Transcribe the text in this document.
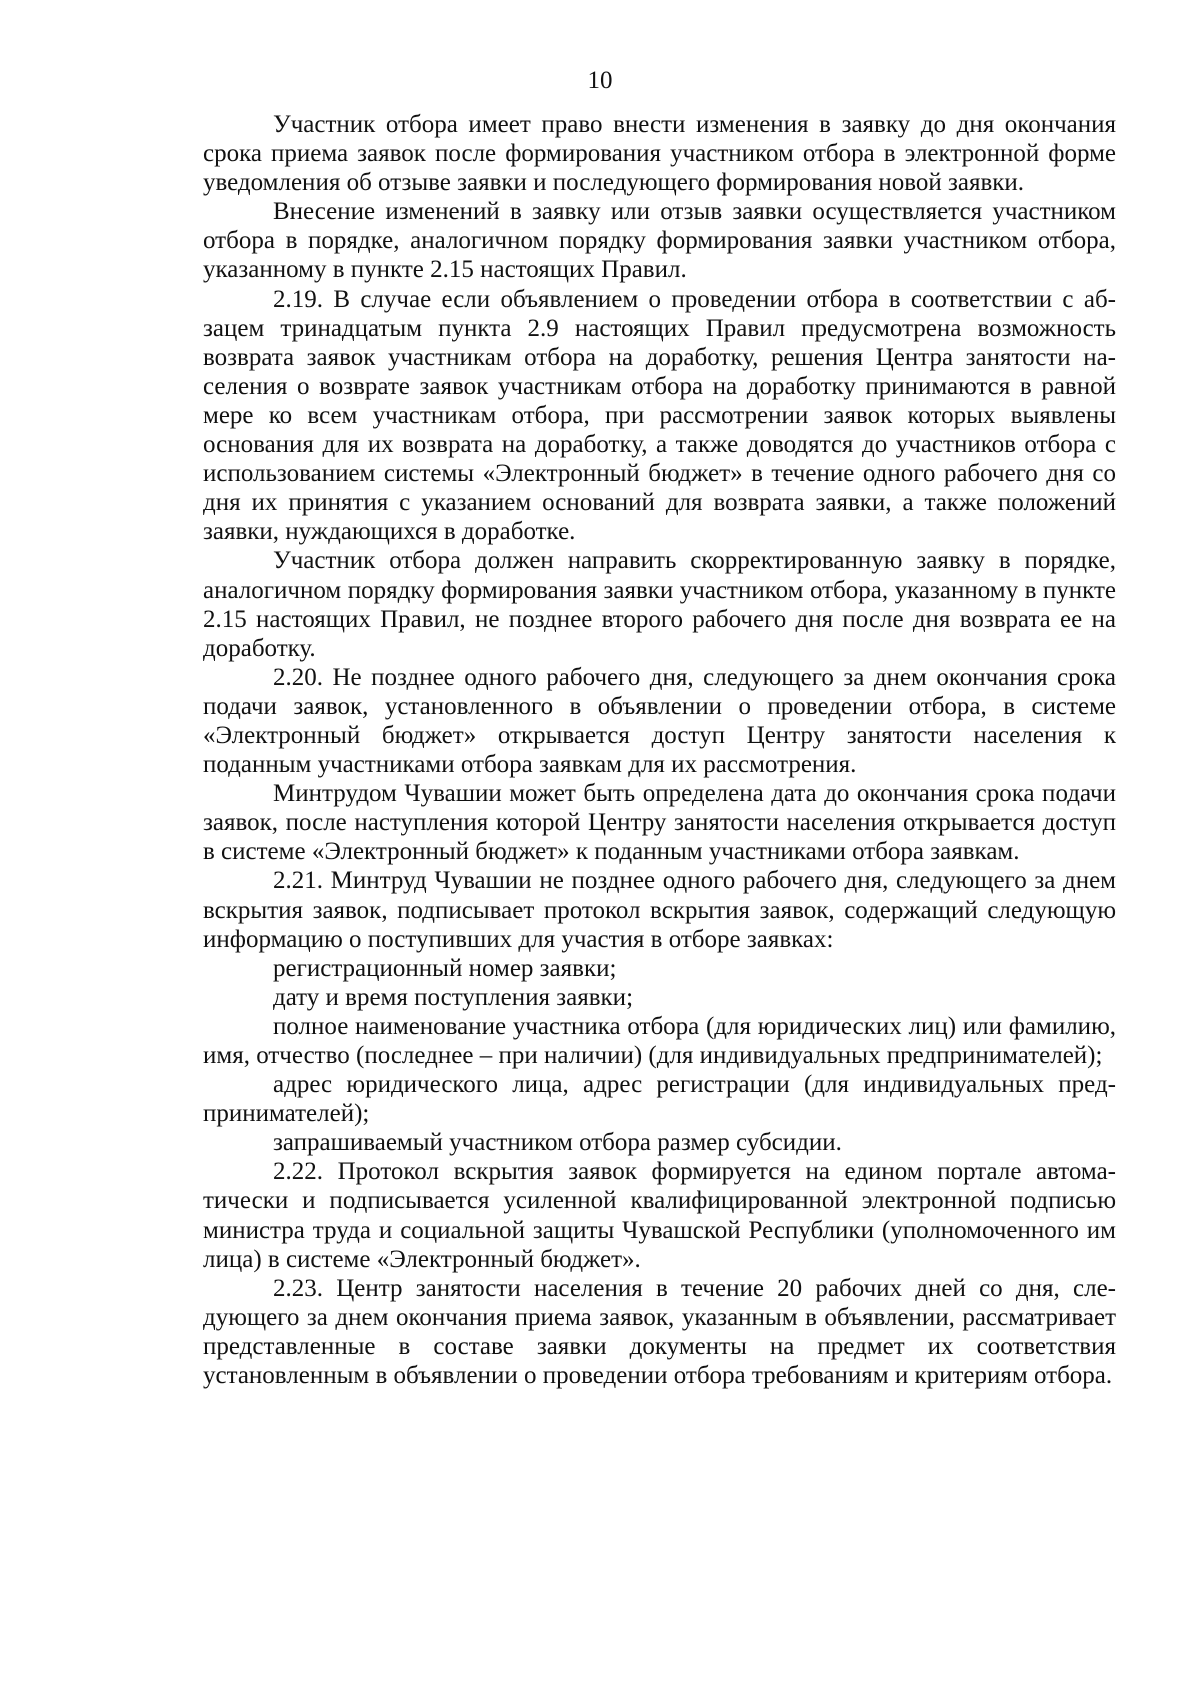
10

Участник отбора имеет право внести изменения в заявку до дня окончания срока приема заявок после формирования участником отбора в электронной форме уведомления об отзыве заявки и последующего формирования новой заявки.

Внесение изменений в заявку или отзыв заявки осуществляется участником отбора в порядке, аналогичном порядку формирования заявки участником отбора, указанному в пункте 2.15 настоящих Правил.

2.19. В случае если объявлением о проведении отбора в соответствии с абзацем тринадцатым пункта 2.9 настоящих Правил предусмотрена возможность возврата заявок участникам отбора на доработку, решения Центра занятости населения о возврате заявок участникам отбора на доработку принимаются в равной мере ко всем участникам отбора, при рассмотрении заявок которых выявлены основания для их возврата на доработку, а также доводятся до участников отбора с использованием системы «Электронный бюджет» в течение одного рабочего дня со дня их принятия с указанием оснований для возврата заявки, а также положений заявки, нуждающихся в доработке.

Участник отбора должен направить скорректированную заявку в порядке, аналогичном порядку формирования заявки участником отбора, указанному в пункте 2.15 настоящих Правил, не позднее второго рабочего дня после дня возврата ее на доработку.

2.20. Не позднее одного рабочего дня, следующего за днем окончания срока подачи заявок, установленного в объявлении о проведении отбора, в системе «Электронный бюджет» открывается доступ Центру занятости населения к поданным участниками отбора заявкам для их рассмотрения.

Минтрудом Чувашии может быть определена дата до окончания срока подачи заявок, после наступления которой Центру занятости населения открывается доступ в системе «Электронный бюджет» к поданным участниками отбора заявкам.

2.21. Минтруд Чувашии не позднее одного рабочего дня, следующего за днем вскрытия заявок, подписывает протокол вскрытия заявок, содержащий следующую информацию о поступивших для участия в отборе заявках:

регистрационный номер заявки;

дату и время поступления заявки;

полное наименование участника отбора (для юридических лиц) или фамилию, имя, отчество (последнее – при наличии) (для индивидуальных предпринимателей);

адрес юридического лица, адрес регистрации (для индивидуальных предпринимателей);

запрашиваемый участником отбора размер субсидии.

2.22. Протокол вскрытия заявок формируется на едином портале автоматически и подписывается усиленной квалифицированной электронной подписью министра труда и социальной защиты Чувашской Республики (уполномоченного им лица) в системе «Электронный бюджет».

2.23. Центр занятости населения в течение 20 рабочих дней со дня, следующего за днем окончания приема заявок, указанным в объявлении, рассматривает представленные в составе заявки документы на предмет их соответствия установленным в объявлении о проведении отбора требованиям и критериям отбора.
